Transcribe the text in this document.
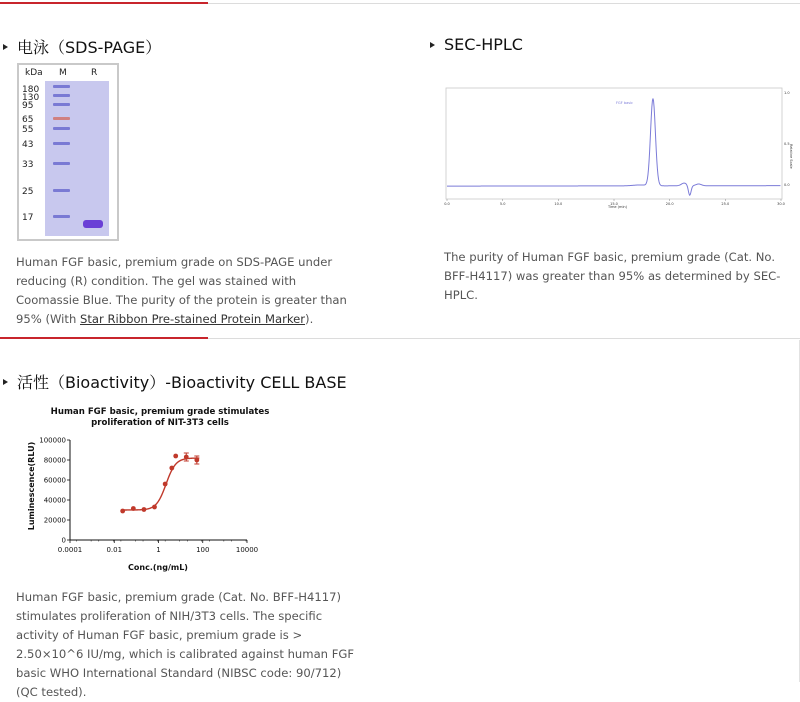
电泳（SDS-PAGE）
kDa M	R
180
130
95
65
55
43
33
25
17
Human FGF basic, premium grade on SDS-PAGE under reducing (R) condition. The gel was stained with Coomassie Blue. The purity of the protein is greater than 95% (With Star Ribbon Pre-stained Protein Marker).
SEC-HPLC
0.0	5.0	10.0	15.0	20.0	25.0	30.0
1.0
0.5
0.0
FGF basic
Time (min)
Relative Scale
The purity of Human FGF basic, premium grade (Cat. No. BFF-H4117) was greater than 95% as determined by SEC-HPLC.
活性（Bioactivity）-Bioactivity CELL BASE
Human FGF basic, premium grade stimulates proliferation of NIT-3T3 cells
0
20000
40000
60000
80000
100000
0.0001	0.01	1	100	10000
Conc.(ng/mL)
Luminescence(RLU)
Human FGF basic, premium grade (Cat. No. BFF-H4117) stimulates proliferation of NIH/3T3 cells. The specific activity of Human FGF basic, premium grade is > 2.50×10^6 IU/mg, which is calibrated against human FGF basic WHO International Standard (NIBSC code: 90/712) (QC tested).
